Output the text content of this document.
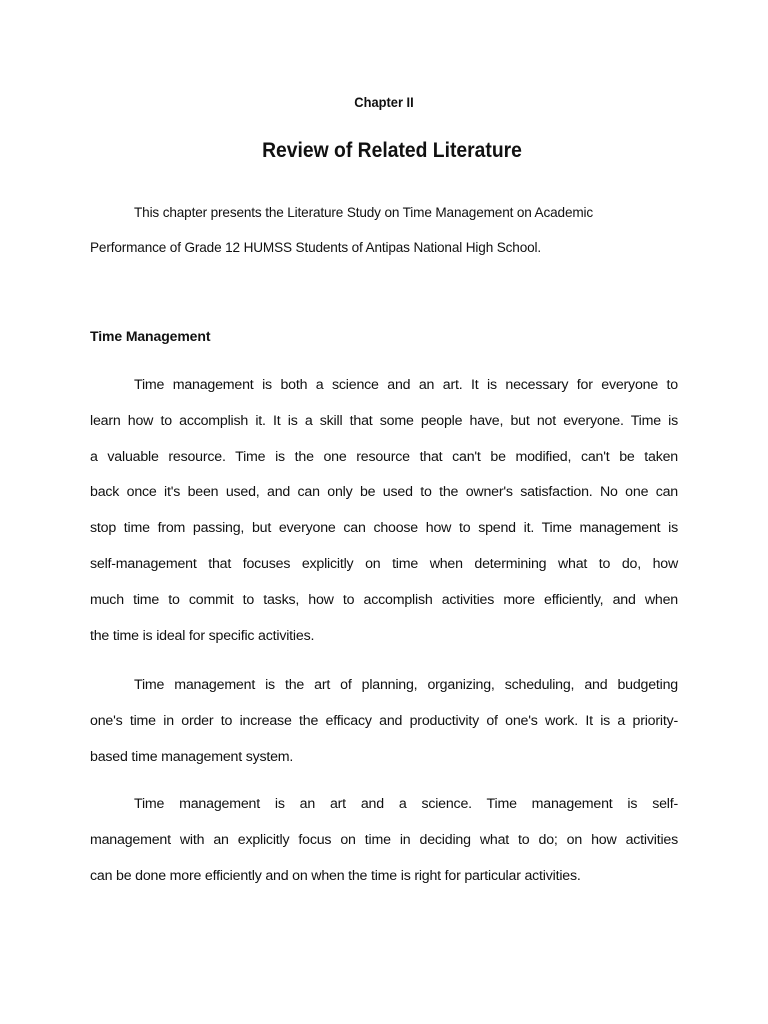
Chapter II
Review of Related Literature
This chapter presents the Literature Study on Time Management on Academic
Performance of Grade 12 HUMSS Students of Antipas National High School.
Time Management
Time management is both a science and an art. It is necessary for everyone to
learn how to accomplish it. It is a skill that some people have, but not everyone. Time is
a valuable resource. Time is the one resource that can't be modified, can't be taken
back once it's been used, and can only be used to the owner's satisfaction. No one can
stop time from passing, but everyone can choose how to spend it. Time management is
self-management that focuses explicitly on time when determining what to do, how
much time to commit to tasks, how to accomplish activities more efficiently, and when
the time is ideal for specific activities.
Time management is the art of planning, organizing, scheduling, and budgeting
one's time in order to increase the efficacy and productivity of one's work. It is a priority-
based time management system.
Time management is an art and a science. Time management is self-
management with an explicitly focus on time in deciding what to do; on how activities
can be done more efficiently and on when the time is right for particular activities.
